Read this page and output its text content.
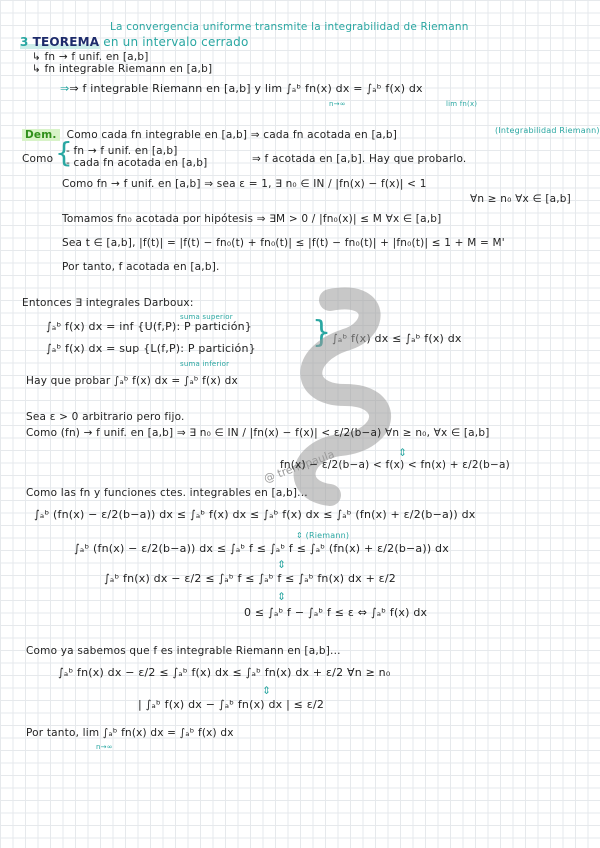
La convergencia uniforme transmite la integrabilidad de Riemann
3 TEOREMA en un intervalo cerrado
↳ fn → f unif. en [a,b]
↳ fn integrable Riemann en [a,b]
⇒⇒ f integrable Riemann en [a,b] y lim ∫ₐᵇ fn(x) dx = ∫ₐᵇ f(x) dx
n→∞	lim fn(x)
Dem. Como cada fn integrable en [a,b] ⇒ cada fn acotada en [a,b]	(Integrabilidad Riemann)
Como {
- fn → f unif. en [a,b]
- cada fn acotada en [a,b]	⇒ f acotada en [a,b]. Hay que probarlo.
Como fn → f unif. en [a,b] ⇒ sea ε = 1, ∃ n₀ ∈ IN / |fn(x) − f(x)| < 1
∀n ≥ n₀ ∀x ∈ [a,b]
Tomamos fn₀ acotada por hipótesis ⇒ ∃M > 0 / |fn₀(x)| ≤ M ∀x ∈ [a,b]
Sea t ∈ [a,b], |f(t)| = |f(t) − fn₀(t) + fn₀(t)| ≤ |f(t) − fn₀(t)| + |fn₀(t)| ≤ 1 + M = M'
Por tanto, f acotada en [a,b].
Entonces ∃ integrales Darboux:
suma superior
∫ₐᵇ f(x) dx = inf {U(f,P): P partición}
∫ₐᵇ f(x) dx = sup {L(f,P): P partición}
suma inferior
} ∫ₐᵇ f(x) dx ≤ ∫ₐᵇ f(x) dx
Hay que probar ∫ₐᵇ f(x) dx = ∫ₐᵇ f(x) dx
@ trendpaula
Sea ε > 0 arbitrario pero fijo.
Como (fn) → f unif. en [a,b] ⇒ ∃ n₀ ∈ IN / |fn(x) − f(x)| < ε/2(b−a) ∀n ≥ n₀, ∀x ∈ [a,b]
⇕
fn(x) − ε/2(b−a) < f(x) < fn(x) + ε/2(b−a)
Como las fn y funciones ctes. integrables en [a,b]...
∫ₐᵇ (fn(x) − ε/2(b−a)) dx ≤ ∫ₐᵇ f(x) dx ≤ ∫ₐᵇ f(x) dx ≤ ∫ₐᵇ (fn(x) + ε/2(b−a)) dx
⇕ (Riemann)
∫ₐᵇ (fn(x) − ε/2(b−a)) dx ≤ ∫ₐᵇ f ≤ ∫ₐᵇ f ≤ ∫ₐᵇ (fn(x) + ε/2(b−a)) dx
⇕
∫ₐᵇ fn(x) dx − ε/2 ≤ ∫ₐᵇ f ≤ ∫ₐᵇ f ≤ ∫ₐᵇ fn(x) dx + ε/2
⇕
0 ≤ ∫ₐᵇ f − ∫ₐᵇ f ≤ ε ⇔ ∫ₐᵇ f(x) dx
Como ya sabemos que f es integrable Riemann en [a,b]...
∫ₐᵇ fn(x) dx − ε/2 ≤ ∫ₐᵇ f(x) dx ≤ ∫ₐᵇ fn(x) dx + ε/2 ∀n ≥ n₀
⇕
| ∫ₐᵇ f(x) dx − ∫ₐᵇ fn(x) dx | ≤ ε/2
Por tanto, lim ∫ₐᵇ fn(x) dx = ∫ₐᵇ f(x) dx
n→∞
